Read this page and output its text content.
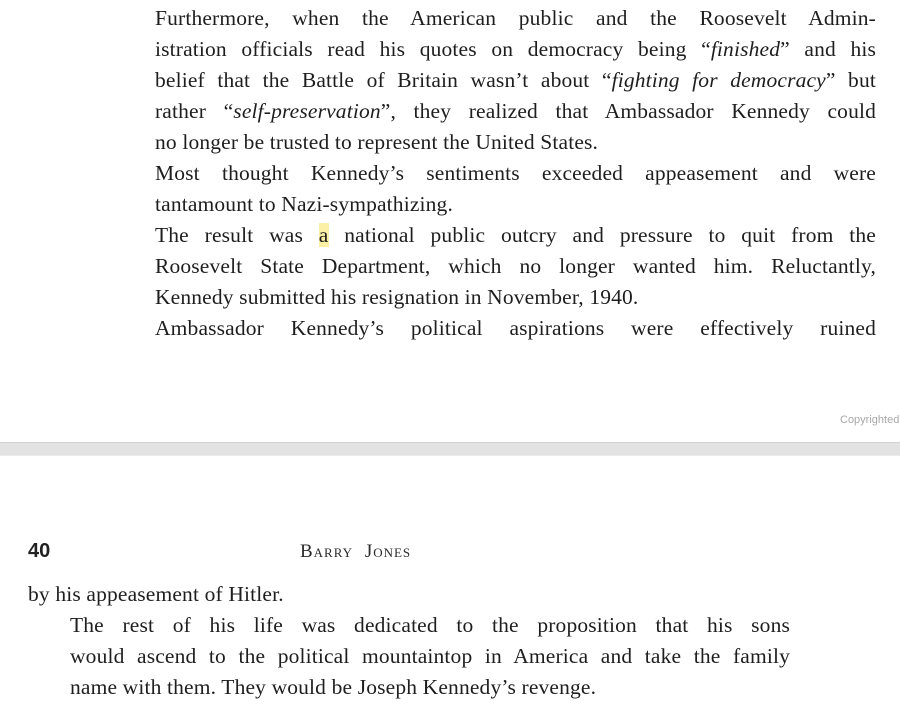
Furthermore, when the American public and the Roosevelt Admin-
istration officials read his quotes on democracy being “finished” and his
belief that the Battle of Britain wasn’t about “fighting for democracy” but
rather “self-preservation”, they realized that Ambassador Kennedy could
no longer be trusted to represent the United States.

Most thought Kennedy’s sentiments exceeded appeasement and were
tantamount to Nazi-sympathizing.

The result was a national public outcry and pressure to quit from the
Roosevelt State Department, which no longer wanted him. Reluctantly,
Kennedy submitted his resignation in November, 1940.

Ambassador Kennedy’s political aspirations were effectively ruined

Copyrighted
40	Barry Jones

by his appeasement of Hitler.

The rest of his life was dedicated to the proposition that his sons
would ascend to the political mountaintop in America and take the family
name with them. They would be Joseph Kennedy’s revenge.
